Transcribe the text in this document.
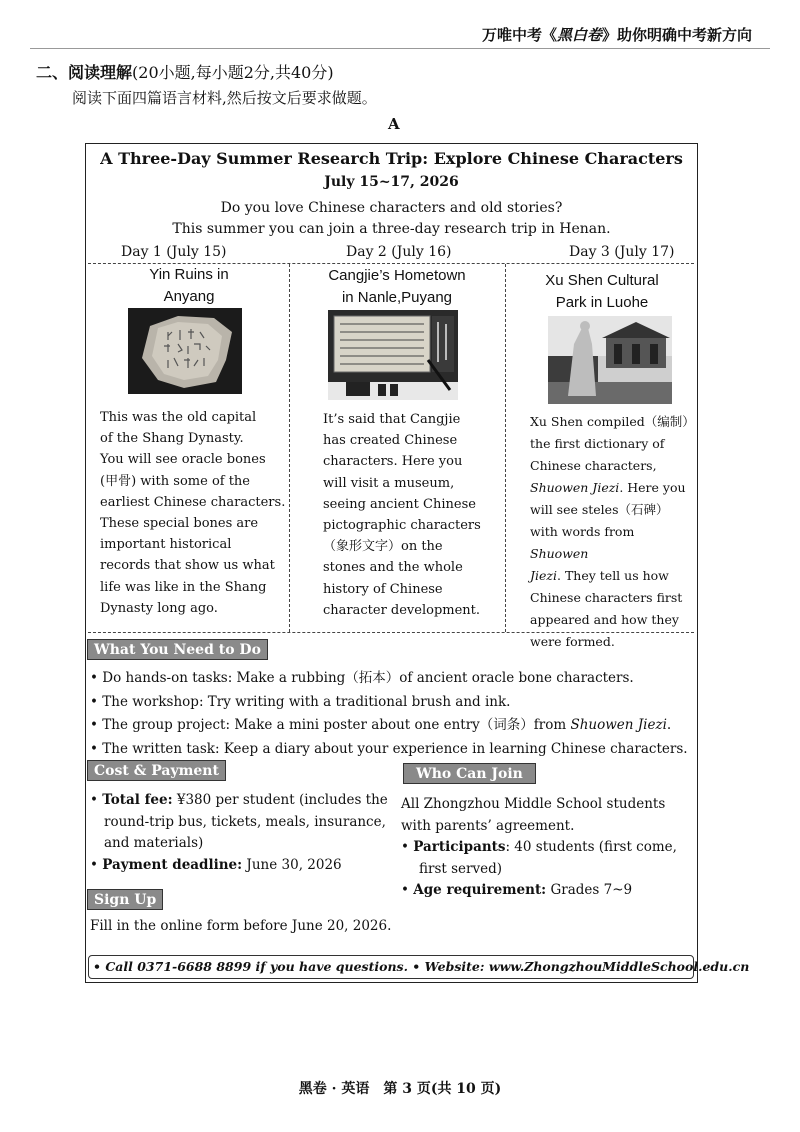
万唯中考《黑白卷》助你明确中考新方向
二、阅读理解(20小题,每小题2分,共40分)
阅读下面四篇语言材料,然后按文后要求做题。
A
A Three-Day Summer Research Trip: Explore Chinese Characters
July 15~17, 2026
Do you love Chinese characters and old stories?
This summer you can join a three-day research trip in Henan.
Day 1 (July 15)	Day 2 (July 16)	Day 3 (July 17)
Yin Ruins in
Anyang
Cangjie’s Hometown
in Nanle,Puyang
Xu Shen Cultural
Park in Luohe
This was the old capital
of the Shang Dynasty.
You will see oracle bones
(甲骨) with some of the
earliest Chinese characters.
These special bones are
important historical
records that show us what
life was like in the Shang
Dynasty long ago.
It’s said that Cangjie
has created Chinese
characters. Here you
will visit a museum,
seeing ancient Chinese
pictographic characters
（象形文字）on the
stones and the whole
history of Chinese
character development.
Xu Shen compiled（编制）
the first dictionary of
Chinese characters,
Shuowen Jiezi. Here you
will see steles（石碑）
with words from Shuowen
Jiezi. They tell us how
Chinese characters first
appeared and how they
were formed.
What You Need to Do
• Do hands-on tasks: Make a rubbing（拓本）of ancient oracle bone characters.
• The workshop: Try writing with a traditional brush and ink.
• The group project: Make a mini poster about one entry（词条）from Shuowen Jiezi.
• The written task: Keep a diary about your experience in learning Chinese characters.
Cost & Payment
• Total fee: ¥380 per student (includes the
round-trip bus, tickets, meals, insurance,
and materials)
• Payment deadline: June 30, 2026
Who Can Join
All Zhongzhou Middle School students
with parents’ agreement.
• Participants: 40 students (first come,
first served)
• Age requirement: Grades 7~9
Sign Up
Fill in the online form before June 20, 2026.
• Call 0371-6688 8899 if you have questions. • Website: www.ZhongzhouMiddleSchool.edu.cn
黑卷 · 英语　第 3 页(共 10 页)
